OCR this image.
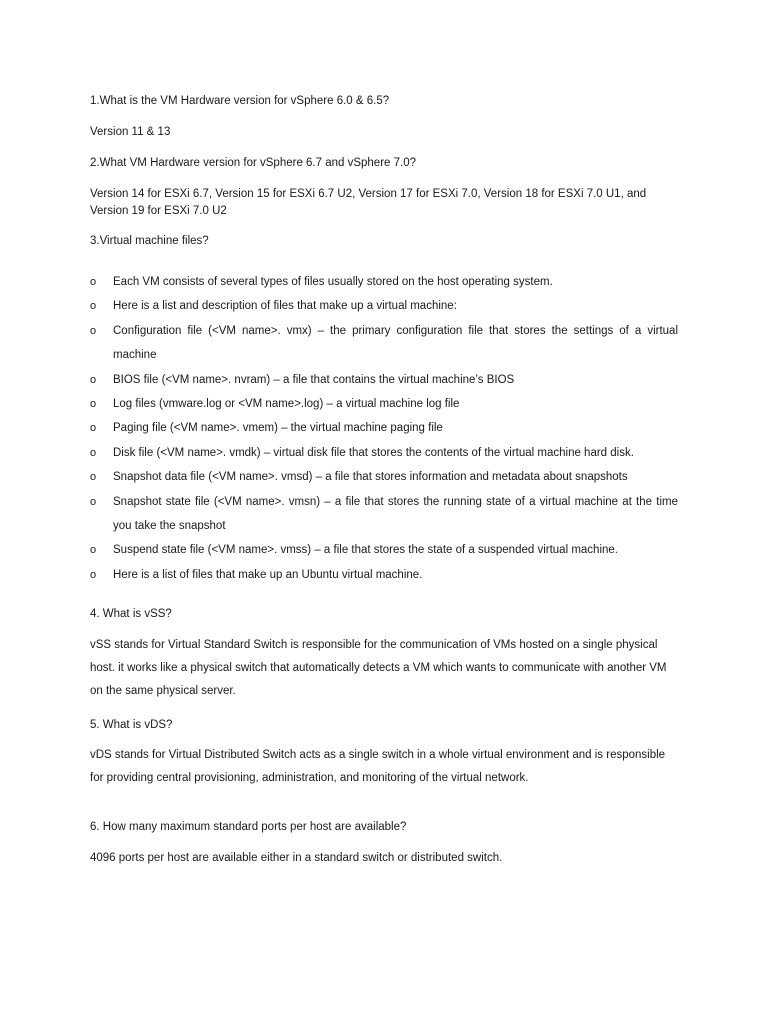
1.What is the VM Hardware version for vSphere 6.0 & 6.5?

Version 11 & 13

2.What VM Hardware version for vSphere 6.7 and vSphere 7.0?

Version 14 for ESXi 6.7, Version 15 for ESXi 6.7 U2, Version 17 for ESXi 7.0, Version 18 for ESXi 7.0 U1, and Version 19 for ESXi 7.0 U2

3.Virtual machine files?

o Each VM consists of several types of files usually stored on the host operating system.
o Here is a list and description of files that make up a virtual machine:
o Configuration file (<VM name>. vmx) – the primary configuration file that stores the settings of a virtual machine
o BIOS file (<VM name>. nvram) – a file that contains the virtual machine’s BIOS
o Log files (vmware.log or <VM name>.log) – a virtual machine log file
o Paging file (<VM name>. vmem) – the virtual machine paging file
o Disk file (<VM name>. vmdk) – virtual disk file that stores the contents of the virtual machine hard disk.
o Snapshot data file (<VM name>. vmsd) – a file that stores information and metadata about snapshots
o Snapshot state file (<VM name>. vmsn) – a file that stores the running state of a virtual machine at the time you take the snapshot
o Suspend state file (<VM name>. vmss) – a file that stores the state of a suspended virtual machine.
o Here is a list of files that make up an Ubuntu virtual machine.

4. What is vSS?

vSS stands for Virtual Standard Switch is responsible for the communication of VMs hosted on a single physical host. it works like a physical switch that automatically detects a VM which wants to communicate with another VM on the same physical server.

5. What is vDS?

vDS stands for Virtual Distributed Switch acts as a single switch in a whole virtual environment and is responsible for providing central provisioning, administration, and monitoring of the virtual network.

6. How many maximum standard ports per host are available?

4096 ports per host are available either in a standard switch or distributed switch.
